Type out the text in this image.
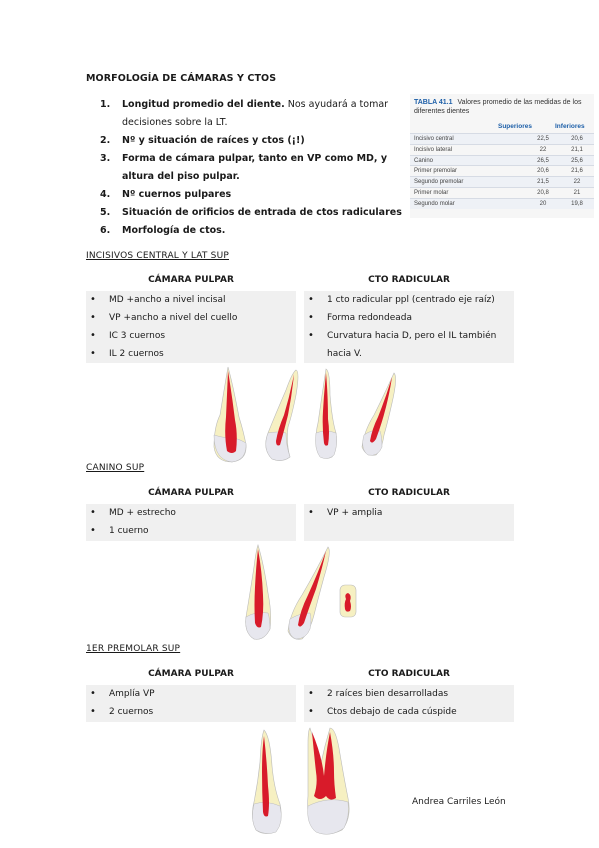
MORFOLOGÍA DE CÁMARAS Y CTOS
1. Longitud promedio del diente. Nos ayudará a tomar decisiones sobre la LT.
2. Nº y situación de raíces y ctos (¡!)
3. Forma de cámara pulpar, tanto en VP como MD, y altura del piso pulpar.
4. Nº cuernos pulpares
5. Situación de orificios de entrada de ctos radiculares
6. Morfología de ctos.
TABLA 41.1 Valores promedio de las medidas de los diferentes dientes
Superiores	Inferiores
Incisivo central	22,5	20,6
Incisivo lateral	22	21,1
Canino	26,5	25,6
Primer premolar	20,6	21,6
Segundo premolar	21,5	22
Primer molar	20,8	21
Segundo molar	20	19,8
INCISIVOS CENTRAL Y LAT SUP
CÁMARA PULPAR	CTO RADICULAR
• MD +ancho a nivel incisal
• VP +ancho a nivel del cuello
• IC 3 cuernos
• IL 2 cuernos
• 1 cto radicular ppl (centrado eje raíz)
• Forma redondeada
• Curvatura hacia D, pero el IL también hacia V.
CANINO SUP
CÁMARA PULPAR	CTO RADICULAR
• MD + estrecho
• 1 cuerno
• VP + amplia
1ER PREMOLAR SUP
CÁMARA PULPAR	CTO RADICULAR
• Amplía VP
• 2 cuernos
• 2 raíces bien desarrolladas
• Ctos debajo de cada cúspide
Andrea Carriles León
